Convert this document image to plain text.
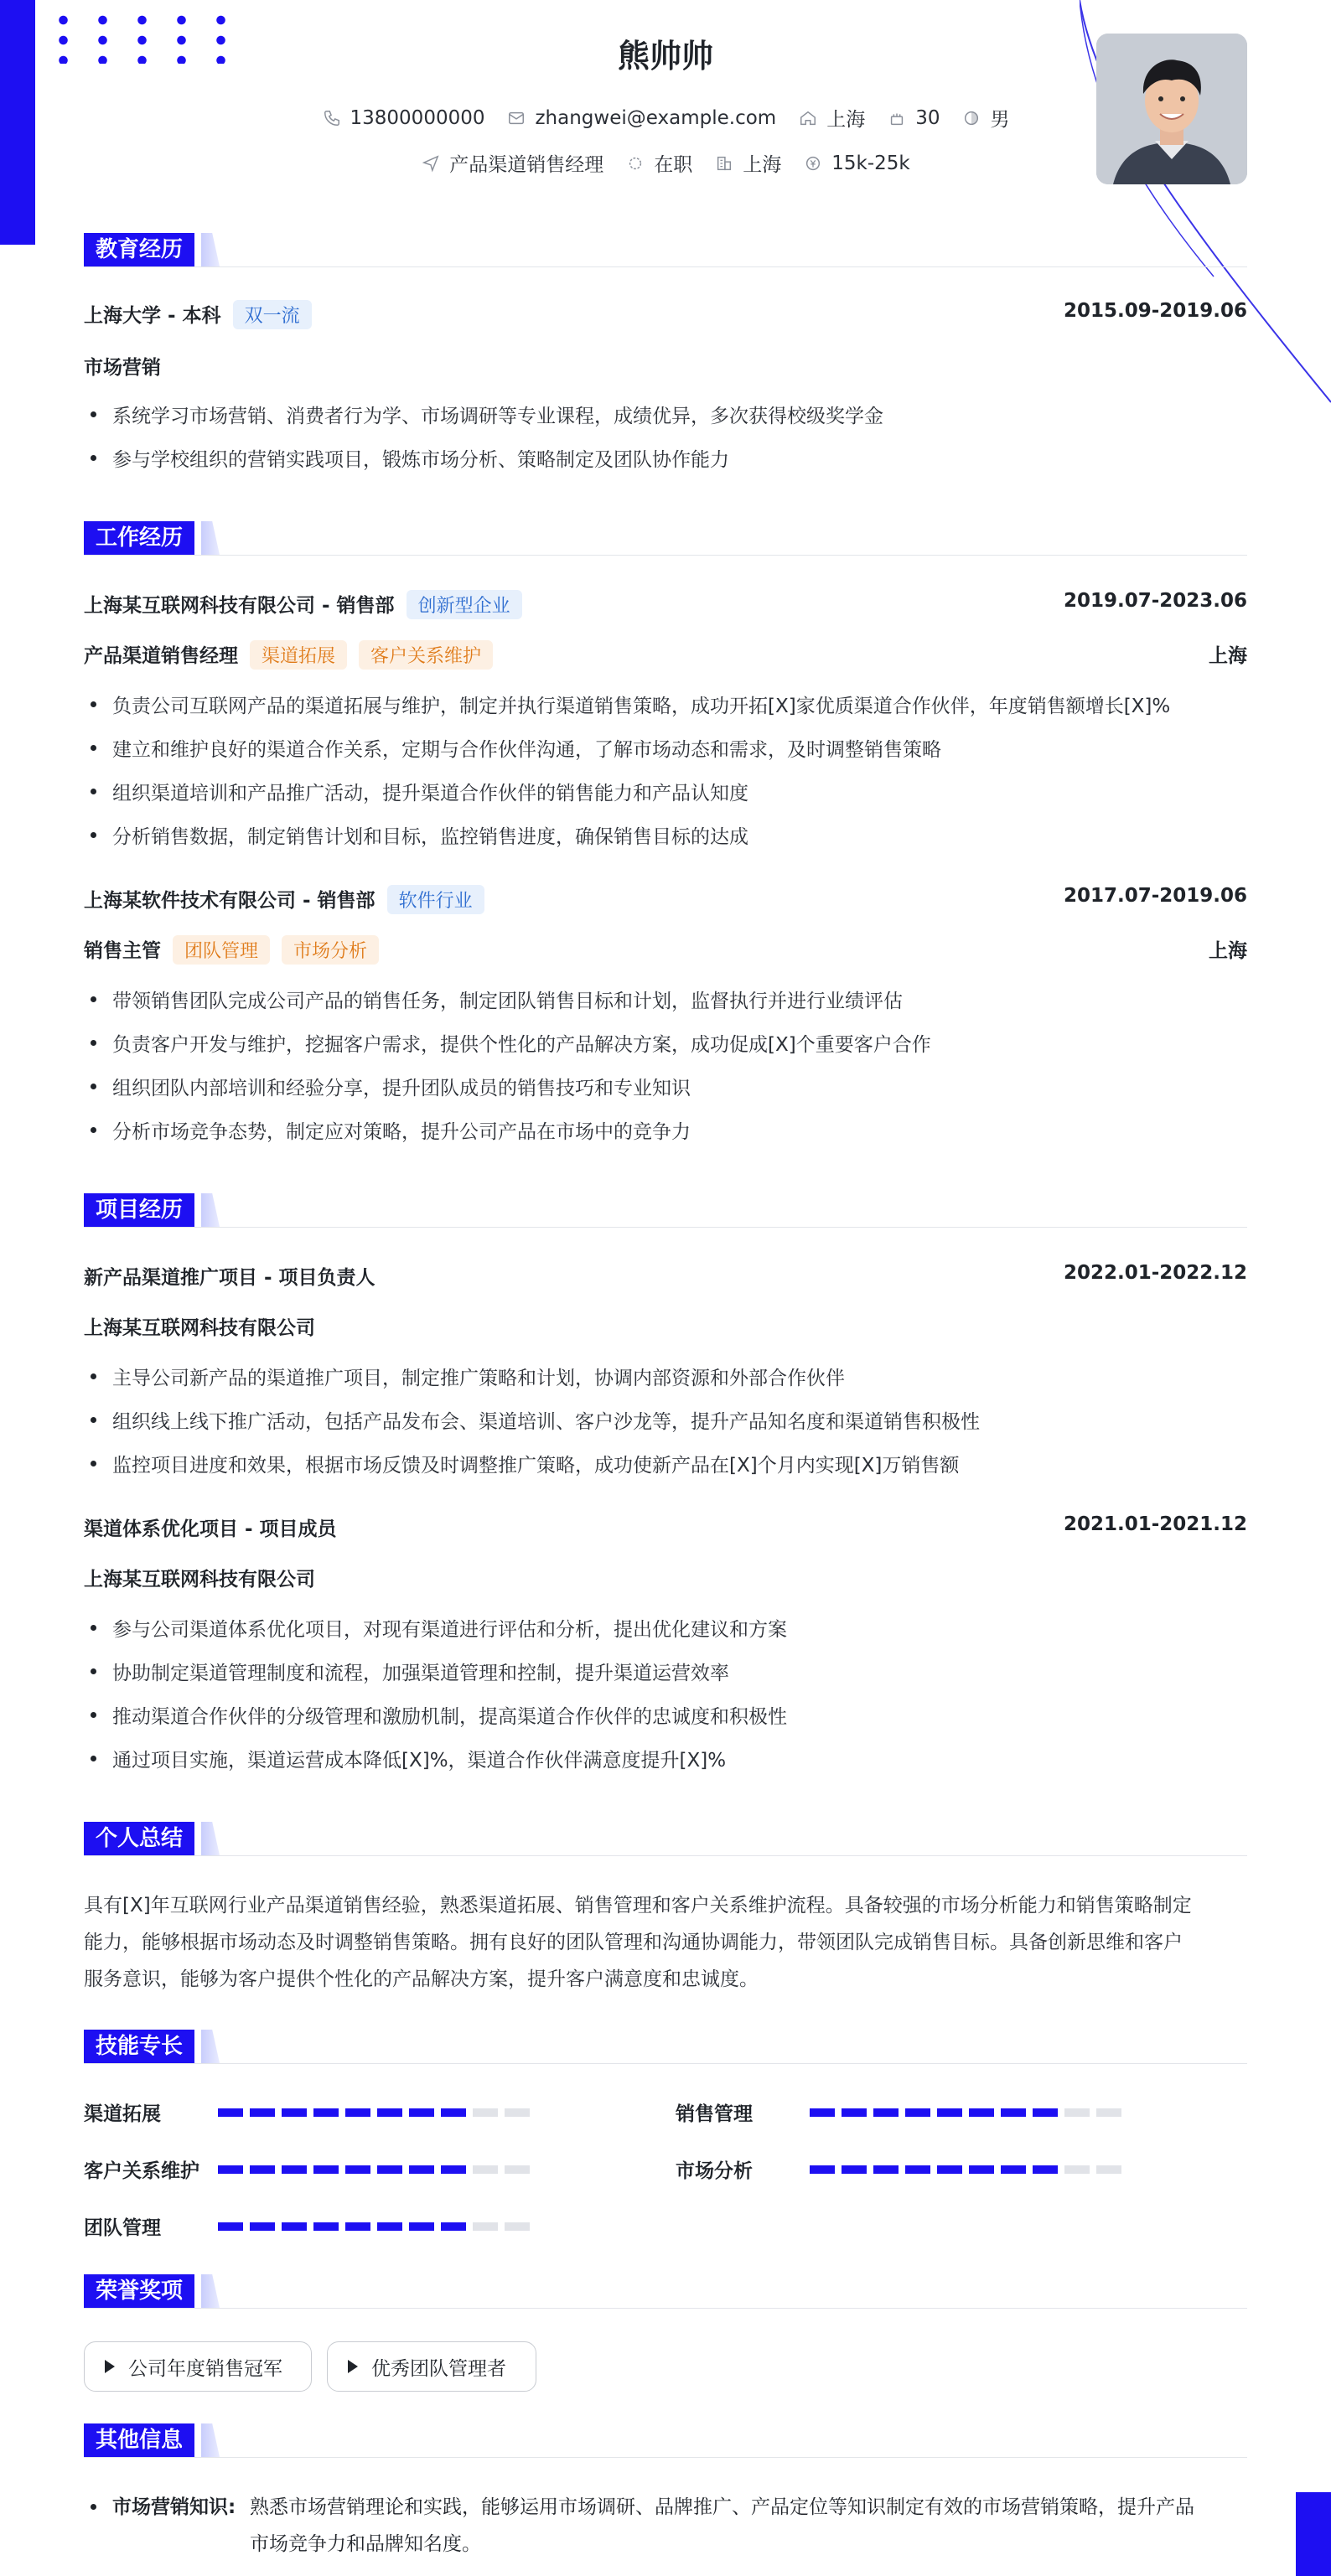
熊帅帅
13800000000	zhangwei@example.com	上海	30	男
产品渠道销售经理	在职	上海	15k-25k
教育经历
上海大学 - 本科 双一流	2015.09-2019.06
市场营销
系统学习市场营销、消费者行为学、市场调研等专业课程，成绩优异，多次获得校级奖学金
参与学校组织的营销实践项目，锻炼市场分析、策略制定及团队协作能力
工作经历
上海某互联网科技有限公司 - 销售部 创新型企业	2019.07-2023.06
产品渠道销售经理 渠道拓展 客户关系维护	上海
负责公司互联网产品的渠道拓展与维护，制定并执行渠道销售策略，成功开拓[X]家优质渠道合作伙伴，年度销售额增长[X]%
建立和维护良好的渠道合作关系，定期与合作伙伴沟通，了解市场动态和需求，及时调整销售策略
组织渠道培训和产品推广活动，提升渠道合作伙伴的销售能力和产品认知度
分析销售数据，制定销售计划和目标，监控销售进度，确保销售目标的达成
上海某软件技术有限公司 - 销售部 软件行业	2017.07-2019.06
销售主管 团队管理 市场分析	上海
带领销售团队完成公司产品的销售任务，制定团队销售目标和计划，监督执行并进行业绩评估
负责客户开发与维护，挖掘客户需求，提供个性化的产品解决方案，成功促成[X]个重要客户合作
组织团队内部培训和经验分享，提升团队成员的销售技巧和专业知识
分析市场竞争态势，制定应对策略，提升公司产品在市场中的竞争力
项目经历
新产品渠道推广项目 - 项目负责人	2022.01-2022.12
上海某互联网科技有限公司
主导公司新产品的渠道推广项目，制定推广策略和计划，协调内部资源和外部合作伙伴
组织线上线下推广活动，包括产品发布会、渠道培训、客户沙龙等，提升产品知名度和渠道销售积极性
监控项目进度和效果，根据市场反馈及时调整推广策略，成功使新产品在[X]个月内实现[X]万销售额
渠道体系优化项目 - 项目成员	2021.01-2021.12
上海某互联网科技有限公司
参与公司渠道体系优化项目，对现有渠道进行评估和分析，提出优化建议和方案
协助制定渠道管理制度和流程，加强渠道管理和控制，提升渠道运营效率
推动渠道合作伙伴的分级管理和激励机制，提高渠道合作伙伴的忠诚度和积极性
通过项目实施，渠道运营成本降低[X]%，渠道合作伙伴满意度提升[X]%
个人总结
具有[X]年互联网行业产品渠道销售经验，熟悉渠道拓展、销售管理和客户关系维护流程。具备较强的市场分析能力和销售策略制定
能力，能够根据市场动态及时调整销售策略。拥有良好的团队管理和沟通协调能力，带领团队完成销售目标。具备创新思维和客户
服务意识，能够为客户提供个性化的产品解决方案，提升客户满意度和忠诚度。
技能专长
渠道拓展	销售管理
客户关系维护	市场分析
团队管理
荣誉奖项
公司年度销售冠军	优秀团队管理者
其他信息
市场营销知识: 熟悉市场营销理论和实践，能够运用市场调研、品牌推广、产品定位等知识制定有效的市场营销策略，提升产品
市场竞争力和品牌知名度。
